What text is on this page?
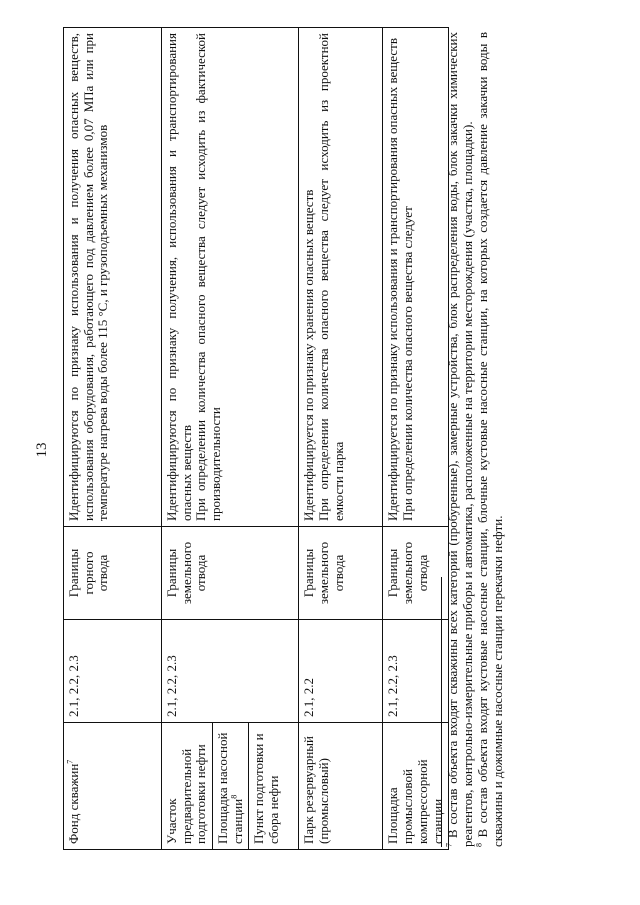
13
Фонд скважин$^7$	2.1, 2.2, 2.3	Границы горного отвода	Идентифицируются по признаку использования и получения опасных веществ, использования оборудования, работающего под давлением более 0,07 МПа или при температуре нагрева воды более 115 °С, и грузоподъемных механизмов

Участок предварительной подготовки нефти	2.1, 2.2, 2.3	Границы земельного отвода	Идентифицируются по признаку получения, использования и транспортирования опасных веществ При определении количества опасного вещества следует исходить из фактической производительности

Площадка насосной станции$^8$
Пункт подготовки и сбора нефти			
Парк резервуарный (промысловый)	2.1, 2.2	Границы земельного отвода	Идентифицируется по признаку хранения опасных веществ При определении количества опасного вещества следует исходить из проектной емкости парка

Площадка промысловой компрессорной станции	2.1, 2.2, 2.3	Границы земельного отвода	Идентифицируется по признаку использования и транспортирования опасных веществ При определении количества опасного вещества следует

$^7$ В состав объекта входят скважины всех категорий (пробуренные), замерные устройства, блок распределения воды, блок закачки химических реагентов, контрольно-измерительные приборы и автоматика, расположенные на территории месторождения (участка, площадки). $^8$ В состав объекта входят кустовые насосные станции, блочные кустовые насосные станции, на которых создается давление закачки воды в скважины и дожимные насосные станции перекачки нефти.
